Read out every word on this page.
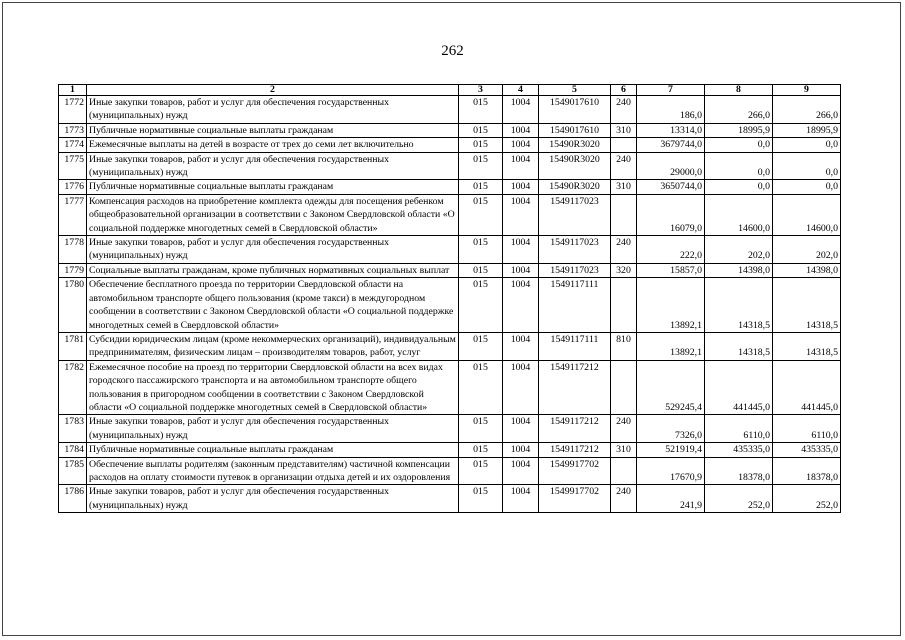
262
1	2	3	4	5	6	7	8	9
1772	Иные закупки товаров, работ и услуг для обеспечения государственных (муниципальных) нужд	015	1004	1549017610	240	186,0	266,0	266,0
1773	Публичные нормативные социальные выплаты гражданам	015	1004	1549017610	310	13314,0	18995,9	18995,9
1774	Ежемесячные выплаты на детей в возрасте от трех до семи лет включительно	015	1004	15490R3020		3679744,0	0,0	0,0
1775	Иные закупки товаров, работ и услуг для обеспечения государственных (муниципальных) нужд	015	1004	15490R3020	240	29000,0	0,0	0,0
1776	Публичные нормативные социальные выплаты гражданам	015	1004	15490R3020	310	3650744,0	0,0	0,0
1777	Компенсация расходов на приобретение комплекта одежды для посещения ребенком общеобразовательной организации в соответствии с Законом Свердловской области «О социальной поддержке многодетных семей в Свердловской области»	015	1004	1549117023		16079,0	14600,0	14600,0
1778	Иные закупки товаров, работ и услуг для обеспечения государственных (муниципальных) нужд	015	1004	1549117023	240	222,0	202,0	202,0
1779	Социальные выплаты гражданам, кроме публичных нормативных социальных выплат	015	1004	1549117023	320	15857,0	14398,0	14398,0
1780	Обеспечение бесплатного проезда по территории Свердловской области на автомобильном транспорте общего пользования (кроме такси) в междугородном сообщении в соответствии с Законом Свердловской области «О социальной поддержке многодетных семей в Свердловской области»	015	1004	1549117111		13892,1	14318,5	14318,5
1781	Субсидии юридическим лицам (кроме некоммерческих организаций), индивидуальным предпринимателям, физическим лицам – производителям товаров, работ, услуг	015	1004	1549117111	810	13892,1	14318,5	14318,5
1782	Ежемесячное пособие на проезд по территории Свердловской области на всех видах городского пассажирского транспорта и на автомобильном транспорте общего пользования в пригородном сообщении в соответствии с Законом Свердловской области «О социальной поддержке многодетных семей в Свердловской области»	015	1004	1549117212		529245,4	441445,0	441445,0
1783	Иные закупки товаров, работ и услуг для обеспечения государственных (муниципальных) нужд	015	1004	1549117212	240	7326,0	6110,0	6110,0
1784	Публичные нормативные социальные выплаты гражданам	015	1004	1549117212	310	521919,4	435335,0	435335,0
1785	Обеспечение выплаты родителям (законным представителям) частичной компенсации расходов на оплату стоимости путевок в организации отдыха детей и их оздоровления	015	1004	1549917702		17670,9	18378,0	18378,0
1786	Иные закупки товаров, работ и услуг для обеспечения государственных (муниципальных) нужд	015	1004	1549917702	240	241,9	252,0	252,0
